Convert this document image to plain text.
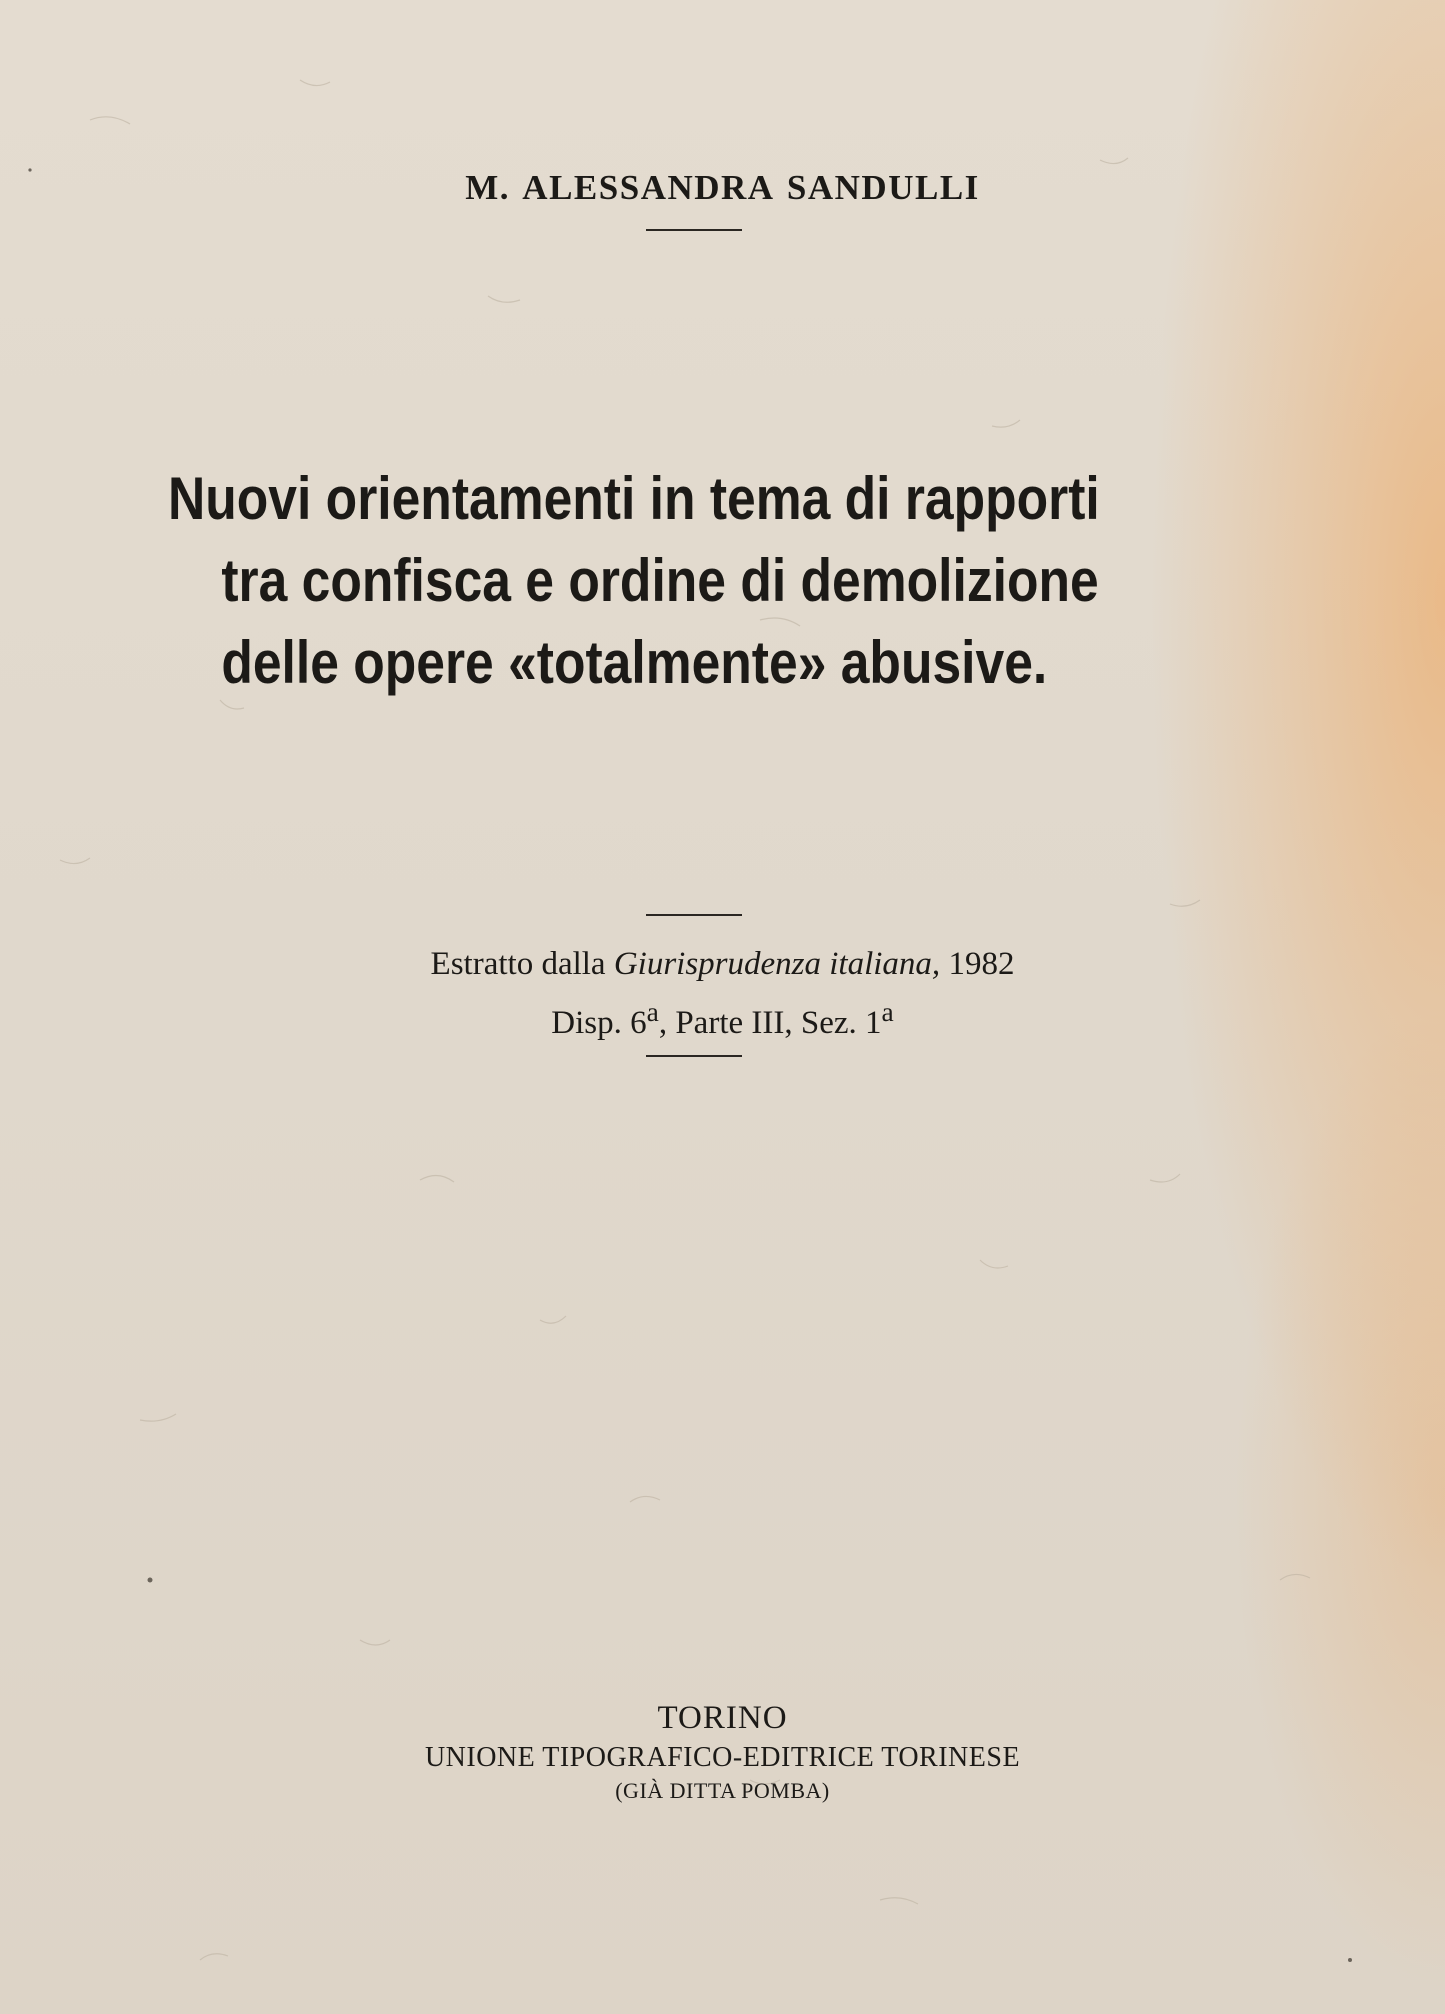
M. ALESSANDRA SANDULLI
Nuovi orientamenti in tema di rapporti
tra confisca e ordine di demolizione
delle opere «totalmente» abusive.
Estratto dalla Giurisprudenza italiana, 1982
Disp. 6$^a$, Parte III, Sez. 1$^a$
TORINO
UNIONE TIPOGRAFICO-EDITRICE TORINESE
(GIÀ DITTA POMBA)
